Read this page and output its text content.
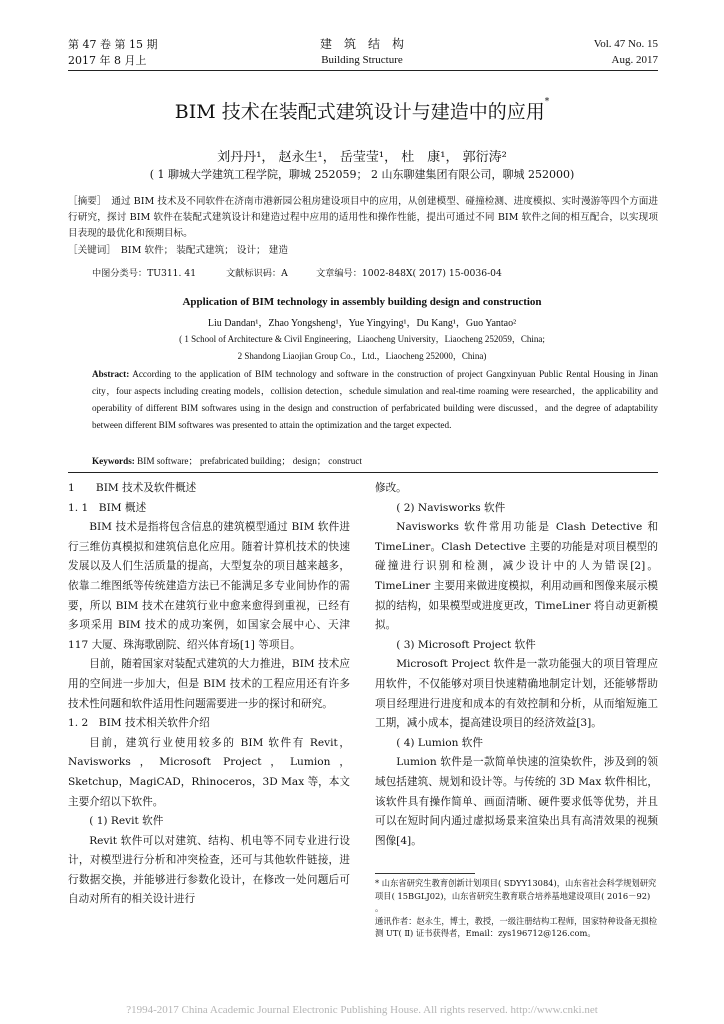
第 47 卷 第 15 期
2017 年 8 月上
建　筑　结　构
Building Structure
Vol. 47 No. 15
Aug. 2017
BIM 技术在装配式建筑设计与建造中的应用*
刘丹丹¹， 赵永生¹， 岳莹莹¹， 杜　康¹， 郭衍涛²
( 1 聊城大学建筑工程学院，聊城 252059； 2 山东聊建集团有限公司，聊城 252000)
［摘要］　通过 BIM 技术及不同软件在济南市港新园公租房建设项目中的应用，从创建模型、碰撞检测、进度模拟、实时漫游等四个方面进行研究，探讨 BIM 软件在装配式建筑设计和建造过程中应用的适用性和操作性能，提出可通过不同 BIM 软件之间的相互配合，以实现项目表现的最优化和预期目标。
［关键词］　BIM 软件； 装配式建筑； 设计； 建造
中图分类号：TU311. 41	文献标识码：A	文章编号：1002-848X( 2017) 15-0036-04
Application of BIM technology in assembly building design and construction
Liu Dandan¹，Zhao Yongsheng¹，Yue Yingying¹，Du Kang¹，Guo Yantao²
( 1 School of Architecture & Civil Engineering，Liaocheng University，Liaocheng 252059，China;
2 Shandong Liaojian Group Co.，Ltd.，Liaocheng 252000，China)
Abstract: According to the application of BIM technology and software in the construction of project Gangxinyuan Public Rental Housing in Jinan city，four aspects including creating models，collision detection，schedule simulation and real-time roaming were researched，the applicability and operability of different BIM softwares using in the design and construction of perfabricated building were discussed，and the degree of adaptability between different BIM softwares was presented to attain the optimization and the target expected.
Keywords: BIM software； prefabricated building； design； construct

1　　BIM 技术及软件概述

1. 1　BIM 概述

BIM 技术是指将包含信息的建筑模型通过 BIM 软件进行三维仿真模拟和建筑信息化应用。随着计算机技术的快速发展以及人们生活质量的提高，大型复杂的项目越来越多，依靠二维图纸等传统建造方法已不能满足多专业间协作的需要，所以 BIM 技术在建筑行业中愈来愈得到重视，已经有多项采用 BIM 技术的成功案例，如国家会展中心、天津 117 大厦、珠海歌剧院、绍兴体育场[1] 等项目。

目前，随着国家对装配式建筑的大力推进，BIM 技术应用的空间进一步加大，但是 BIM 技术的工程应用还有许多技术性问题和软件适用性问题需要进一步的探讨和研究。

1. 2　BIM 技术相关软件介绍

目前，建筑行业使用较多的 BIM 软件有 Revit，Navisworks，Microsoft Project，Lumion，Sketchup，MagiCAD，Rhinoceros，3D Max 等，本文主要介绍以下软件。

( 1) Revit 软件

Revit 软件可以对建筑、结构、机电等不同专业进行设计，对模型进行分析和冲突检查，还可与其他软件链接，进行数据交换，并能够进行参数化设计，在修改一处问题后可自动对所有的相关设计进行

修改。

( 2) Navisworks 软件

Navisworks 软件常用功能是 Clash Detective 和 TimeLiner。Clash Detective 主要的功能是对项目模型的碰撞进行识别和检测，减少设计中的人为错误[2]。TimeLiner 主要用来做进度模拟，利用动画和图像来展示模拟的结构，如果模型或进度更改，TimeLiner 将自动更新模拟。

( 3) Microsoft Project 软件

Microsoft Project 软件是一款功能强大的项目管理应用软件，不仅能够对项目快速精确地制定计划，还能够帮助项目经理进行进度和成本的有效控制和分析，从而缩短施工工期，减小成本，提高建设项目的经济效益[3]。

( 4) Lumion 软件

Lumion 软件是一款简单快速的渲染软件，涉及到的领域包括建筑、规划和设计等。与传统的 3D Max 软件相比，该软件具有操作简单、画面清晰、硬件要求低等优势，并且可以在短时间内通过虚拟场景来渲染出具有高清效果的视频图像[4]。

* 山东省研究生教育创新计划项目( SDYY13084)，山东省社会科学规划研究项目( 15BGLJ02)，山东省研究生教育联合培养基地建设项目( 2016－92) 。
通讯作者：赵永生，博士，教授，一级注册结构工程师，国家特种设备无损检测 UT( Ⅱ) 证书获得者，Email：zys196712@126.com。
?1994-2017 China Academic Journal Electronic Publishing House. All rights reserved. http://www.cnki.net
